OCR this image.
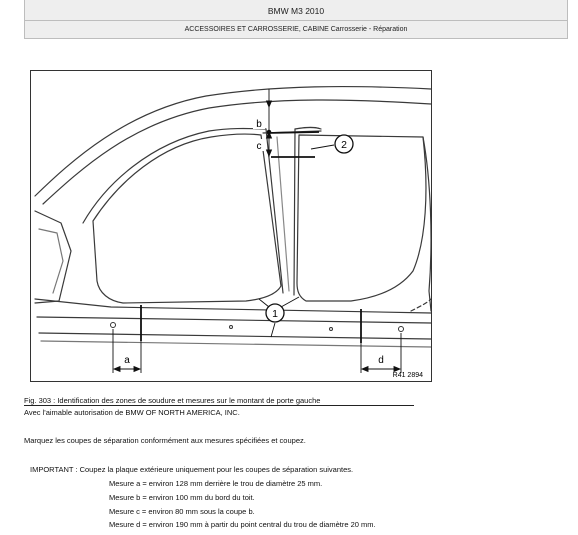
BMW M3 2010
ACCESSOIRES ET CARROSSERIE, CABINE Carrosserie - Réparation
a	d
b
c	2
1
R41 2894
Fig. 303 : Identification des zones de soudure et mesures sur le montant de porte gauche
Avec l'aimable autorisation de BMW OF NORTH AMERICA, INC.
Marquez les coupes de séparation conformément aux mesures spécifiées et coupez.
IMPORTANT : Coupez la plaque extérieure uniquement pour les coupes de séparation suivantes.
Mesure a = environ 128 mm derrière le trou de diamètre 25 mm.
Mesure b = environ 100 mm du bord du toit.
Mesure c = environ 80 mm sous la coupe b.
Mesure d = environ 190 mm à partir du point central du trou de diamètre 20 mm.
